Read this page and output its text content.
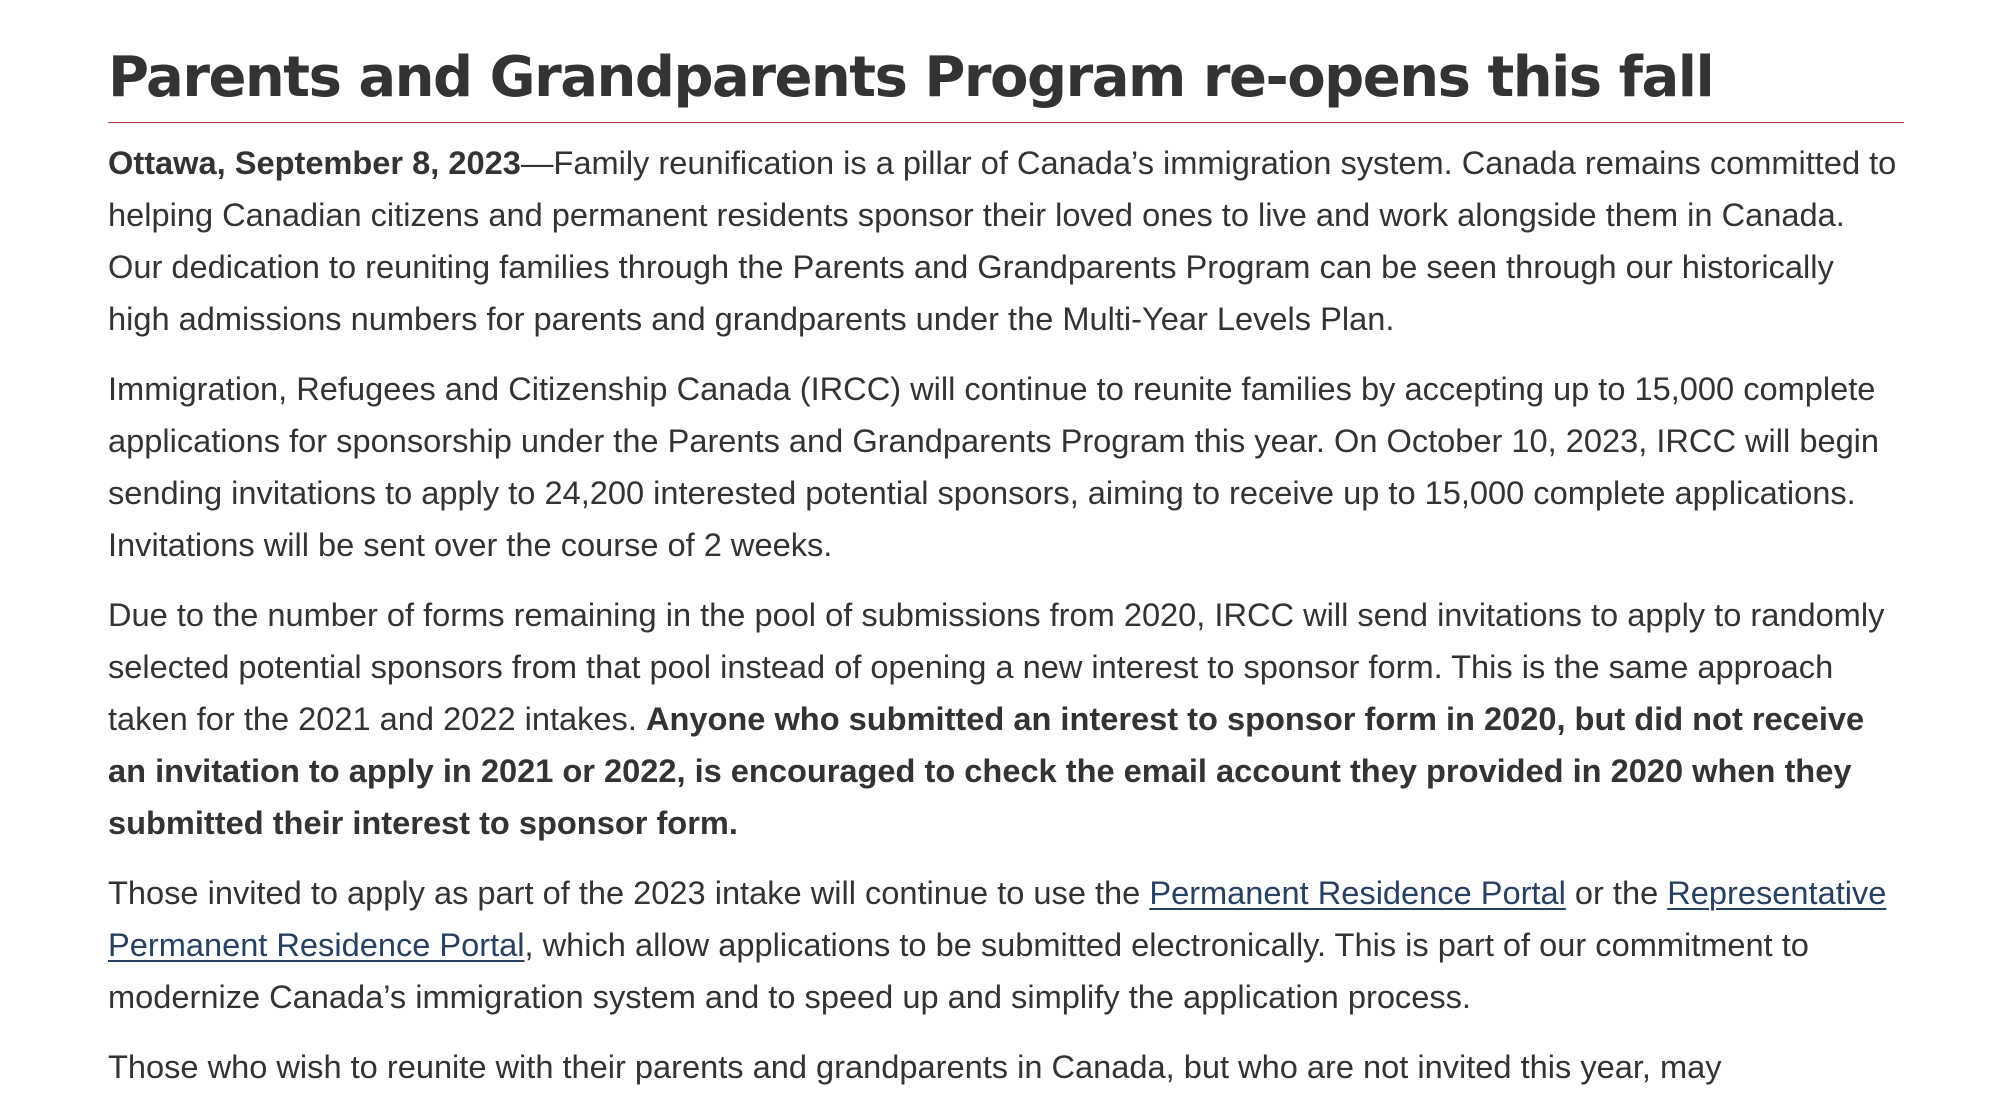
Parents and Grandparents Program re-opens this fall

Ottawa, September 8, 2023—Family reunification is a pillar of Canada’s immigration system. Canada remains committed to helping Canadian citizens and permanent residents sponsor their loved ones to live and work alongside them in Canada. Our dedication to reuniting families through the Parents and Grandparents Program can be seen through our historically high admissions numbers for parents and grandparents under the Multi-Year Levels Plan.

Immigration, Refugees and Citizenship Canada (IRCC) will continue to reunite families by accepting up to 15,000 complete applications for sponsorship under the Parents and Grandparents Program this year. On October 10, 2023, IRCC will begin sending invitations to apply to 24,200 interested potential sponsors, aiming to receive up to 15,000 complete applications. Invitations will be sent over the course of 2 weeks.

Due to the number of forms remaining in the pool of submissions from 2020, IRCC will send invitations to apply to randomly selected potential sponsors from that pool instead of opening a new interest to sponsor form. This is the same approach taken for the 2021 and 2022 intakes. Anyone who submitted an interest to sponsor form in 2020, but did not receive an invitation to apply in 2021 or 2022, is encouraged to check the email account they provided in 2020 when they submitted their interest to sponsor form.

Those invited to apply as part of the 2023 intake will continue to use the Permanent Residence Portal or the Representative Permanent Residence Portal, which allow applications to be submitted electronically. This is part of our commitment to modernize Canada’s immigration system and to speed up and simplify the application process.

Those who wish to reunite with their parents and grandparents in Canada, but who are not invited this year, may
